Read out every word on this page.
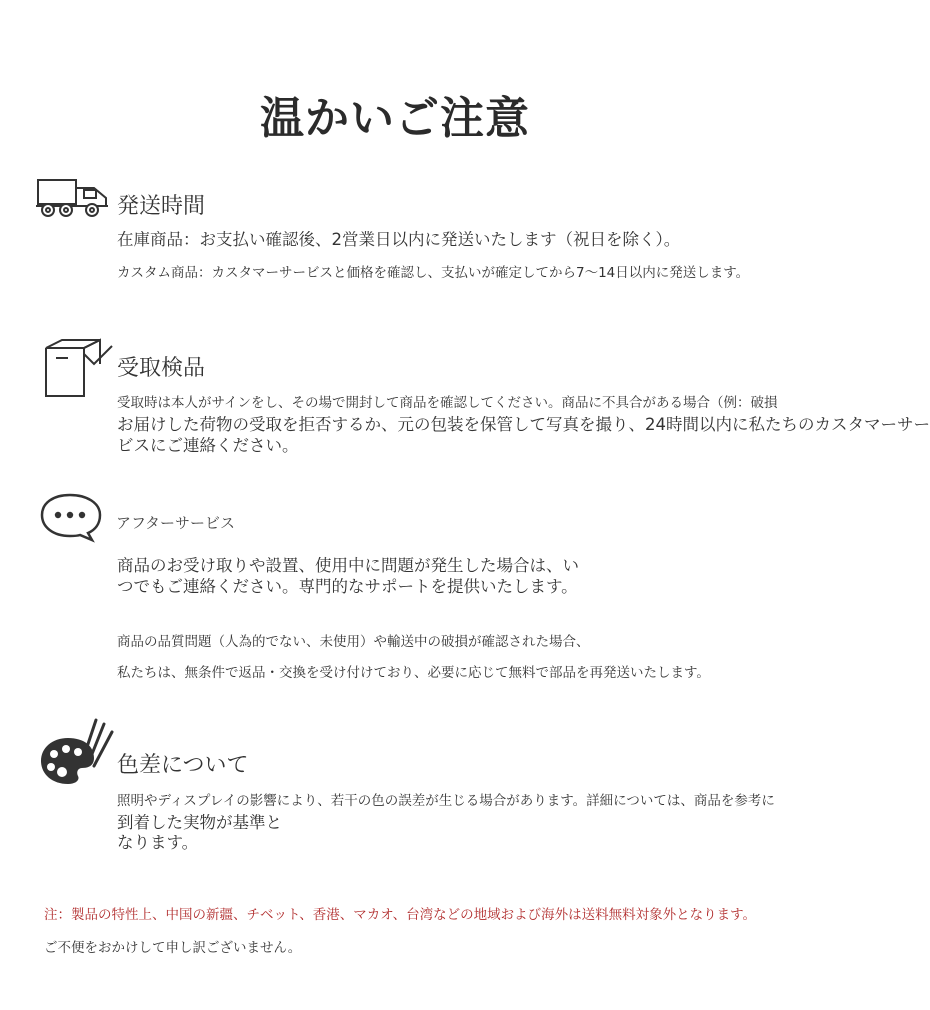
温かいご注意
発送時間
在庫商品：お支払い確認後、2営業日以内に発送いたします（祝日を除く）。
カスタム商品：カスタマーサービスと価格を確認し、支払いが確定してから7〜14日以内に発送します。
受取検品
受取時は本人がサインをし、その場で開封して商品を確認してください。商品に不具合がある場合（例：破損
お届けした荷物の受取を拒否するか、元の包装を保管して写真を撮り、24時間以内に私たちのカスタマーサー
ビスにご連絡ください。
アフターサービス
商品のお受け取りや設置、使用中に問題が発生した場合は、い
つでもご連絡ください。専門的なサポートを提供いたします。
商品の品質問題（人為的でない、未使用）や輸送中の破損が確認された場合、
私たちは、無条件で返品・交換を受け付けており、必要に応じて無料で部品を再発送いたします。
色差について
照明やディスプレイの影響により、若干の色の誤差が生じる場合があります。詳細については、商品を参考に
到着した実物が基準と
なります。
注：製品の特性上、中国の新疆、チベット、香港、マカオ、台湾などの地域および海外は送料無料対象外となります。
ご不便をおかけして申し訳ございません。
